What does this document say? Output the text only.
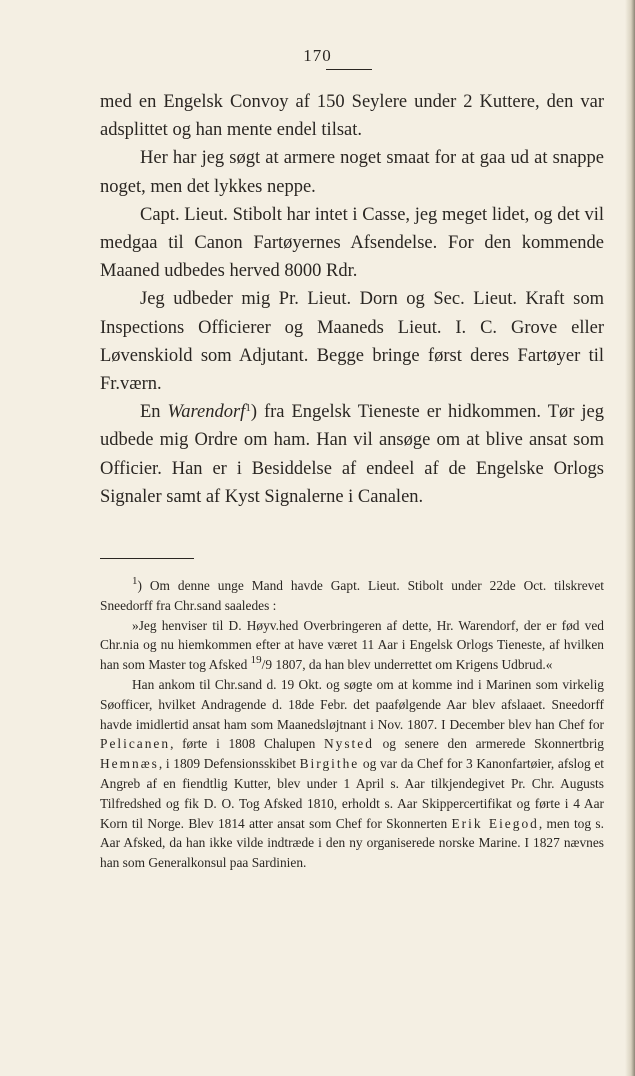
170

med en Engelsk Convoy af 150 Seylere under 2 Kuttere, den var adsplittet og han mente endel tilsat.

Her har jeg søgt at armere noget smaat for at gaa ud at snappe noget, men det lykkes neppe.

Capt. Lieut. Stibolt har intet i Casse, jeg meget lidet, og det vil medgaa til Canon Fartøyernes Afsendelse. For den kommende Maaned udbedes herved 8000 Rdr.

Jeg udbeder mig Pr. Lieut. Dorn og Sec. Lieut. Kraft som Inspections Officierer og Maaneds Lieut. I. C. Grove eller Løvenskiold som Adjutant. Begge bringe først deres Fartøyer til Fr.værn.

En Warendorf$^1$) fra Engelsk Tieneste er hidkommen. Tør jeg udbede mig Ordre om ham. Han vil ansøge om at blive ansat som Officier. Han er i Besiddelse af endeel af de Engelske Orlogs Signaler samt af Kyst Signalerne i Canalen.

$^1$) Om denne unge Mand havde Gapt. Lieut. Stibolt under 22de Oct. tilskrevet Sneedorff fra Chr.sand saaledes :

»Jeg henviser til D. Høyv.hed Overbringeren af dette, Hr. Warendorf, der er fød ved Chr.nia og nu hiemkommen efter at have været 11 Aar i Engelsk Orlogs Tieneste, af hvilken han som Master tog Afsked $^{19}$/9 1807, da han blev underrettet om Krigens Udbrud.«

Han ankom til Chr.sand d. 19 Okt. og søgte om at komme ind i Marinen som virkelig Søofficer, hvilket Andragende d. 18de Febr. det paafølgende Aar blev afslaaet. Sneedorff havde imidlertid ansat ham som Maanedsløjtnant i Nov. 1807. I December blev han Chef for Pelicanen, førte i 1808 Chalupen Nysted og senere den armerede Skonnertbrig Hemnæs, i 1809 Defensionsskibet Birgithe og var da Chef for 3 Kanonfartøier, afslog et Angreb af en fiendtlig Kutter, blev under 1 April s. Aar tilkjendegivet Pr. Chr. Augusts Tilfredshed og fik D. O. Tog Afsked 1810, erholdt s. Aar Skippercertifikat og førte i 4 Aar Korn til Norge. Blev 1814 atter ansat som Chef for Skonnerten Erik Eiegod, men tog s. Aar Afsked, da han ikke vilde indtræde i den ny organiserede norske Marine. I 1827 nævnes han som Generalkonsul paa Sardinien.
